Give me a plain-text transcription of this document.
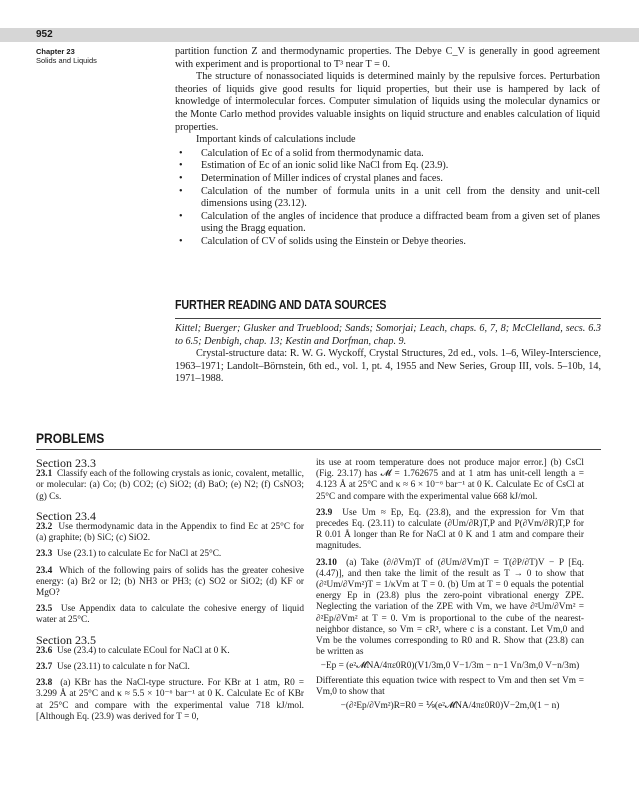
952
Chapter 23
Solids and Liquids

partition function Z and thermodynamic properties. The Debye C_V is generally in good agreement with experiment and is proportional to T³ near T = 0.

The structure of nonassociated liquids is determined mainly by the repulsive forces. Perturbation theories of liquids give good results for liquid properties, but their use is hampered by lack of knowledge of intermolecular forces. Computer simulation of liquids using the molecular dynamics or the Monte Carlo method provides valuable insights on liquid structure and enables calculation of liquid properties.

Important kinds of calculations include

• Calculation of Ec of a solid from thermodynamic data.
• Estimation of Ec of an ionic solid like NaCl from Eq. (23.9).
• Determination of Miller indices of crystal planes and faces.
• Calculation of the number of formula units in a unit cell from the density and unit-cell dimensions using (23.12).
• Calculation of the angles of incidence that produce a diffracted beam from a given set of planes using the Bragg equation.
• Calculation of CV of solids using the Einstein or Debye theories.
FURTHER READING AND DATA SOURCES

Kittel; Buerger; Glusker and Trueblood; Sands; Somorjai; Leach, chaps. 6, 7, 8; McClelland, secs. 6.3 to 6.5; Denbigh, chap. 13; Kestin and Dorfman, chap. 9.

Crystal-structure data: R. W. G. Wyckoff, Crystal Structures, 2d ed., vols. 1–6, Wiley-Interscience, 1963–1971; Landolt–Börnstein, 6th ed., vol. 1, pt. 4, 1955 and New Series, Group III, vols. 5–10b, 14, 1971–1988.

PROBLEMS

Section 23.3

23.1 Classify each of the following crystals as ionic, covalent, metallic, or molecular: (a) Co; (b) CO2; (c) SiO2; (d) BaO; (e) N2; (f) CsNO3; (g) Cs.

Section 23.4

23.2 Use thermodynamic data in the Appendix to find Ec at 25°C for (a) graphite; (b) SiC; (c) SiO2.

23.3 Use (23.1) to calculate Ec for NaCl at 25°C.

23.4 Which of the following pairs of solids has the greater cohesive energy: (a) Br2 or I2; (b) NH3 or PH3; (c) SO2 or SiO2; (d) KF or MgO?

23.5 Use Appendix data to calculate the cohesive energy of liquid water at 25°C.

Section 23.5

23.6 Use (23.4) to calculate ECoul for NaCl at 0 K.

23.7 Use (23.11) to calculate n for NaCl.

23.8 (a) KBr has the NaCl-type structure. For KBr at 1 atm, R0 = 3.299 Å at 25°C and κ ≈ 5.5 × 10⁻⁶ bar⁻¹ at 0 K. Calculate Ec of KBr at 25°C and compare with the experimental value 718 kJ/mol. [Although Eq. (23.9) was derived for T = 0,

its use at room temperature does not produce major error.] (b) CsCl (Fig. 23.17) has 𝓜 = 1.762675 and at 1 atm has unit-cell length a = 4.123 Å at 25°C and κ ≈ 6 × 10⁻⁶ bar⁻¹ at 0 K. Calculate Ec of CsCl at 25°C and compare with the experimental value 668 kJ/mol.

23.9 Use Um ≈ Ep, Eq. (23.8), and the expression for Vm that precedes Eq. (23.11) to calculate (∂Um/∂R)T,P and P(∂Vm/∂R)T,P for R 0.01 Å longer than Re for NaCl at 0 K and 1 atm and compare their magnitudes.

23.10 (a) Take (∂/∂Vm)T of (∂Um/∂Vm)T = T(∂P/∂T)V − P [Eq. (4.47)], and then take the limit of the result as T → 0 to show that (∂²Um/∂Vm²)T = 1/κVm at T = 0. (b) Um at T = 0 equals the potential energy Ep in (23.8) plus the zero-point vibrational energy ZPE. Neglecting the variation of the ZPE with Vm, we have ∂²Um/∂Vm² = ∂²Ep/∂Vm² at T = 0. Vm is proportional to the cube of the nearest-neighbor distance, so Vm = cR³, where c is a constant. Let Vm,0 and Vm be the volumes corresponding to R0 and R. Show that (23.8) can be written as

−Ep = (e²𝓜NA/4πε0R0)(V1/3m,0 V−1/3m − n−1 Vn/3m,0 V−n/3m)

Differentiate this equation twice with respect to Vm and then set Vm = Vm,0 to show that

−(∂²Ep/∂Vm²)R=R0 = ⅑(e²𝓜NA/4πε0R0)V−2m,0(1 − n)
